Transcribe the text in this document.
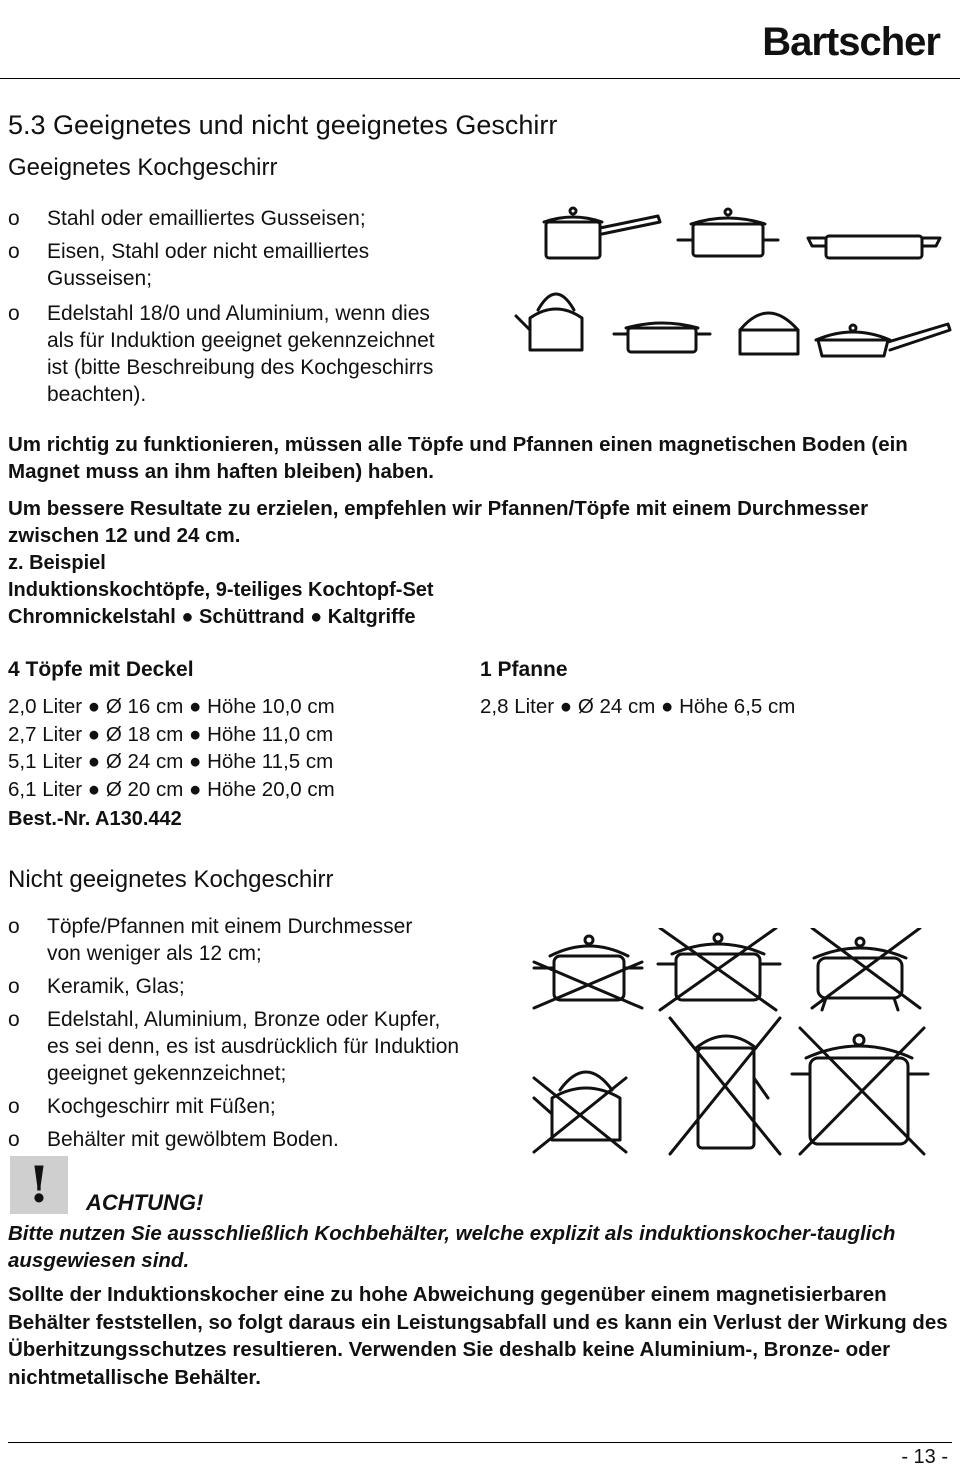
Bartscher
5.3 Geeignetes und nicht geeignetes Geschirr
Geeignetes Kochgeschirr
o Stahl oder emailliertes Gusseisen;
o Eisen, Stahl oder nicht emailliertes Gusseisen;
o Edelstahl 18/0 und Aluminium, wenn dies als für Induktion geeignet gekennzeichnet ist (bitte Beschreibung des Kochgeschirrs beachten).

Um richtig zu funktionieren, müssen alle Töpfe und Pfannen einen magnetischen Boden (ein Magnet muss an ihm haften bleiben) haben.

Um bessere Resultate zu erzielen, empfehlen wir Pfannen/Töpfe mit einem Durchmesser zwischen 12 und 24 cm.

z. Beispiel
Induktionskochtöpfe, 9-teiliges Kochtopf-Set
Chromnickelstahl ● Schüttrand ● Kaltgriffe
4 Töpfe mit Deckel
2,0 Liter ● Ø 16 cm ● Höhe 10,0 cm
2,7 Liter ● Ø 18 cm ● Höhe 11,0 cm
5,1 Liter ● Ø 24 cm ● Höhe 11,5 cm
6,1 Liter ● Ø 20 cm ● Höhe 20,0 cm
1 Pfanne
2,8 Liter ● Ø 24 cm ● Höhe 6,5 cm
Best.-Nr. A130.442
Nicht geeignetes Kochgeschirr
o Töpfe/Pfannen mit einem Durchmesser von weniger als 12 cm;
o Keramik, Glas;
o Edelstahl, Aluminium, Bronze oder Kupfer, es sei denn, es ist ausdrücklich für Induktion geeignet gekennzeichnet;
o Kochgeschirr mit Füßen;
o Behälter mit gewölbtem Boden.
!	ACHTUNG!

Bitte nutzen Sie ausschließlich Kochbehälter, welche explizit als induktionskocher-tauglich ausgewiesen sind.

Sollte der Induktionskocher eine zu hohe Abweichung gegenüber einem magnetisierbaren Behälter feststellen, so folgt daraus ein Leistungsabfall und es kann ein Verlust der Wirkung des Überhitzungsschutzes resultieren. Verwenden Sie deshalb keine Aluminium-, Bronze- oder nichtmetallische Behälter.

- 13 -
